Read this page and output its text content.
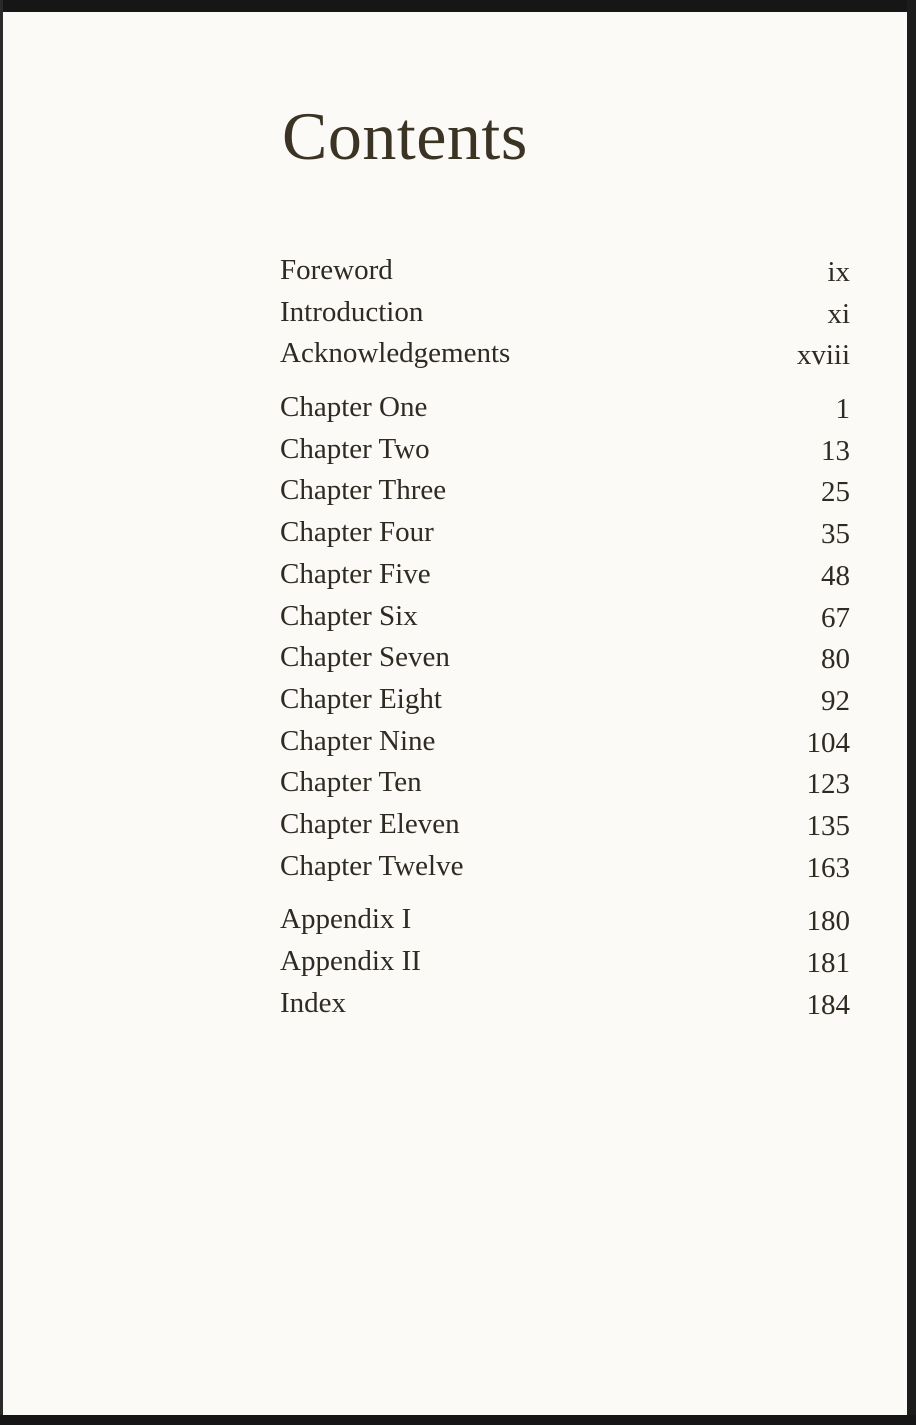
Contents
Foreword	ix
Introduction	xi
Acknowledgements	xviii
Chapter One	1
Chapter Two	13
Chapter Three	25
Chapter Four	35
Chapter Five	48
Chapter Six	67
Chapter Seven	80
Chapter Eight	92
Chapter Nine	104
Chapter Ten	123
Chapter Eleven	135
Chapter Twelve	163
Appendix I	180
Appendix II	181
Index	184
